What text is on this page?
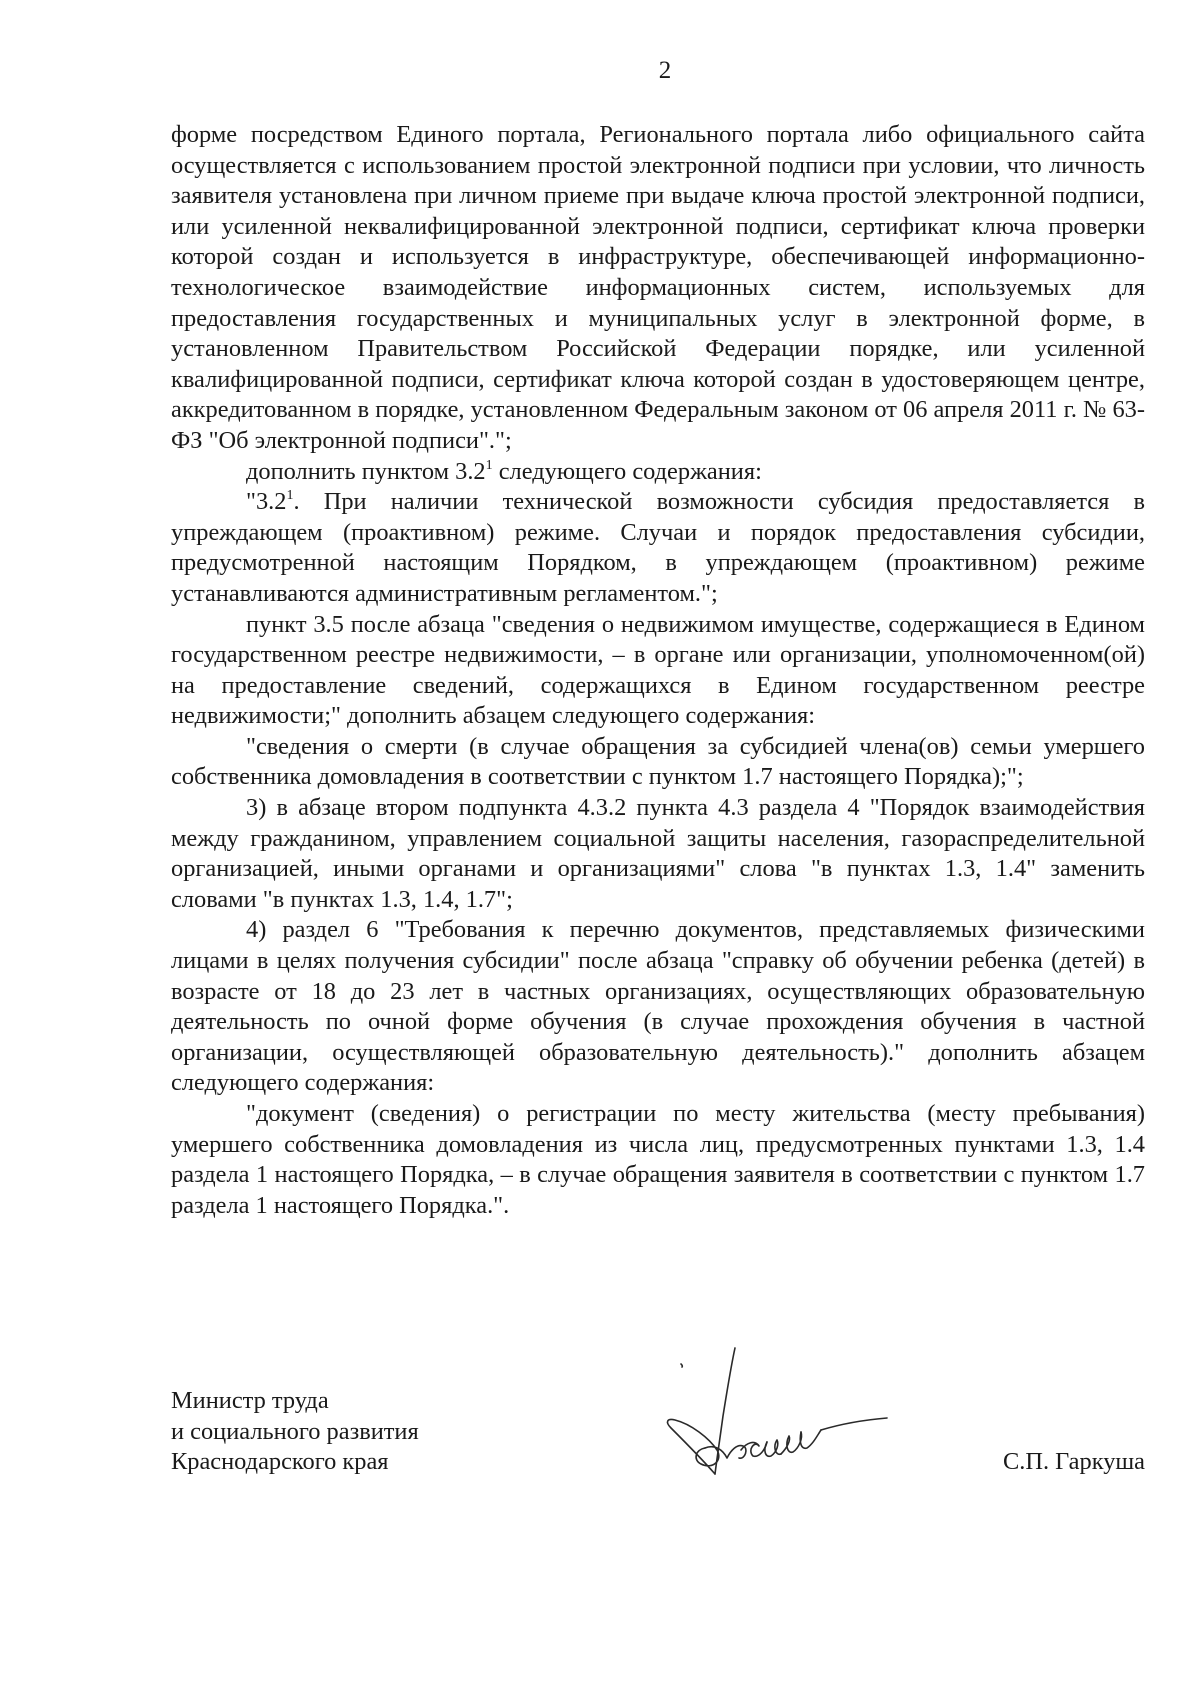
2

форме посредством Единого портала, Регионального портала либо официального сайта осуществляется с использованием простой электронной подписи при условии, что личность заявителя установлена при личном приеме при выдаче ключа простой электронной подписи, или усиленной неквалифицированной электронной подписи, сертификат ключа проверки которой создан и используется в инфраструктуре, обеспечивающей информационно-технологическое взаимодействие информационных систем, используемых для предоставления государственных и муниципальных услуг в электронной форме, в установленном Правительством Российской Федерации порядке, или усиленной квалифицированной подписи, сертификат ключа которой создан в удостоверяющем центре, аккредитованном в порядке, установленном Федеральным законом от 06 апреля 2011 г. № 63-ФЗ "Об электронной подписи".";

дополнить пунктом $3.2^1$ следующего содержания:

"$3.2^1$. При наличии технической возможности субсидия предоставляется в упреждающем (проактивном) режиме. Случаи и порядок предоставления субсидии, предусмотренной настоящим Порядком, в упреждающем (проактивном) режиме устанавливаются административным регламентом.";

пункт 3.5 после абзаца "сведения о недвижимом имуществе, содержащиеся в Едином государственном реестре недвижимости, – в органе или организации, уполномоченном(ой) на предоставление сведений, содержащихся в Едином государственном реестре недвижимости;" дополнить абзацем следующего содержания:

"сведения о смерти (в случае обращения за субсидией члена(ов) семьи умершего собственника домовладения в соответствии с пунктом 1.7 настоящего Порядка);";

3) в абзаце втором подпункта 4.3.2 пункта 4.3 раздела 4 "Порядок взаимодействия между гражданином, управлением социальной защиты населения, газораспределительной организацией, иными органами и организациями" слова "в пунктах 1.3, 1.4" заменить словами "в пунктах 1.3, 1.4, 1.7";

4) раздел 6 "Требования к перечню документов, представляемых физическими лицами в целях получения субсидии" после абзаца "справку об обучении ребенка (детей) в возрасте от 18 до 23 лет в частных организациях, осуществляющих образовательную деятельность по очной форме обучения (в случае прохождения обучения в частной организации, осуществляющей образовательную деятельность)." дополнить абзацем следующего содержания:

"документ (сведения) о регистрации по месту жительства (месту пребывания) умершего собственника домовладения из числа лиц, предусмотренных пунктами 1.3, 1.4 раздела 1 настоящего Порядка, – в случае обращения заявителя в соответствии с пунктом 1.7 раздела 1 настоящего Порядка.".

Министр труда
и социального развития
Краснодарского края	С.П. Гаркуша
